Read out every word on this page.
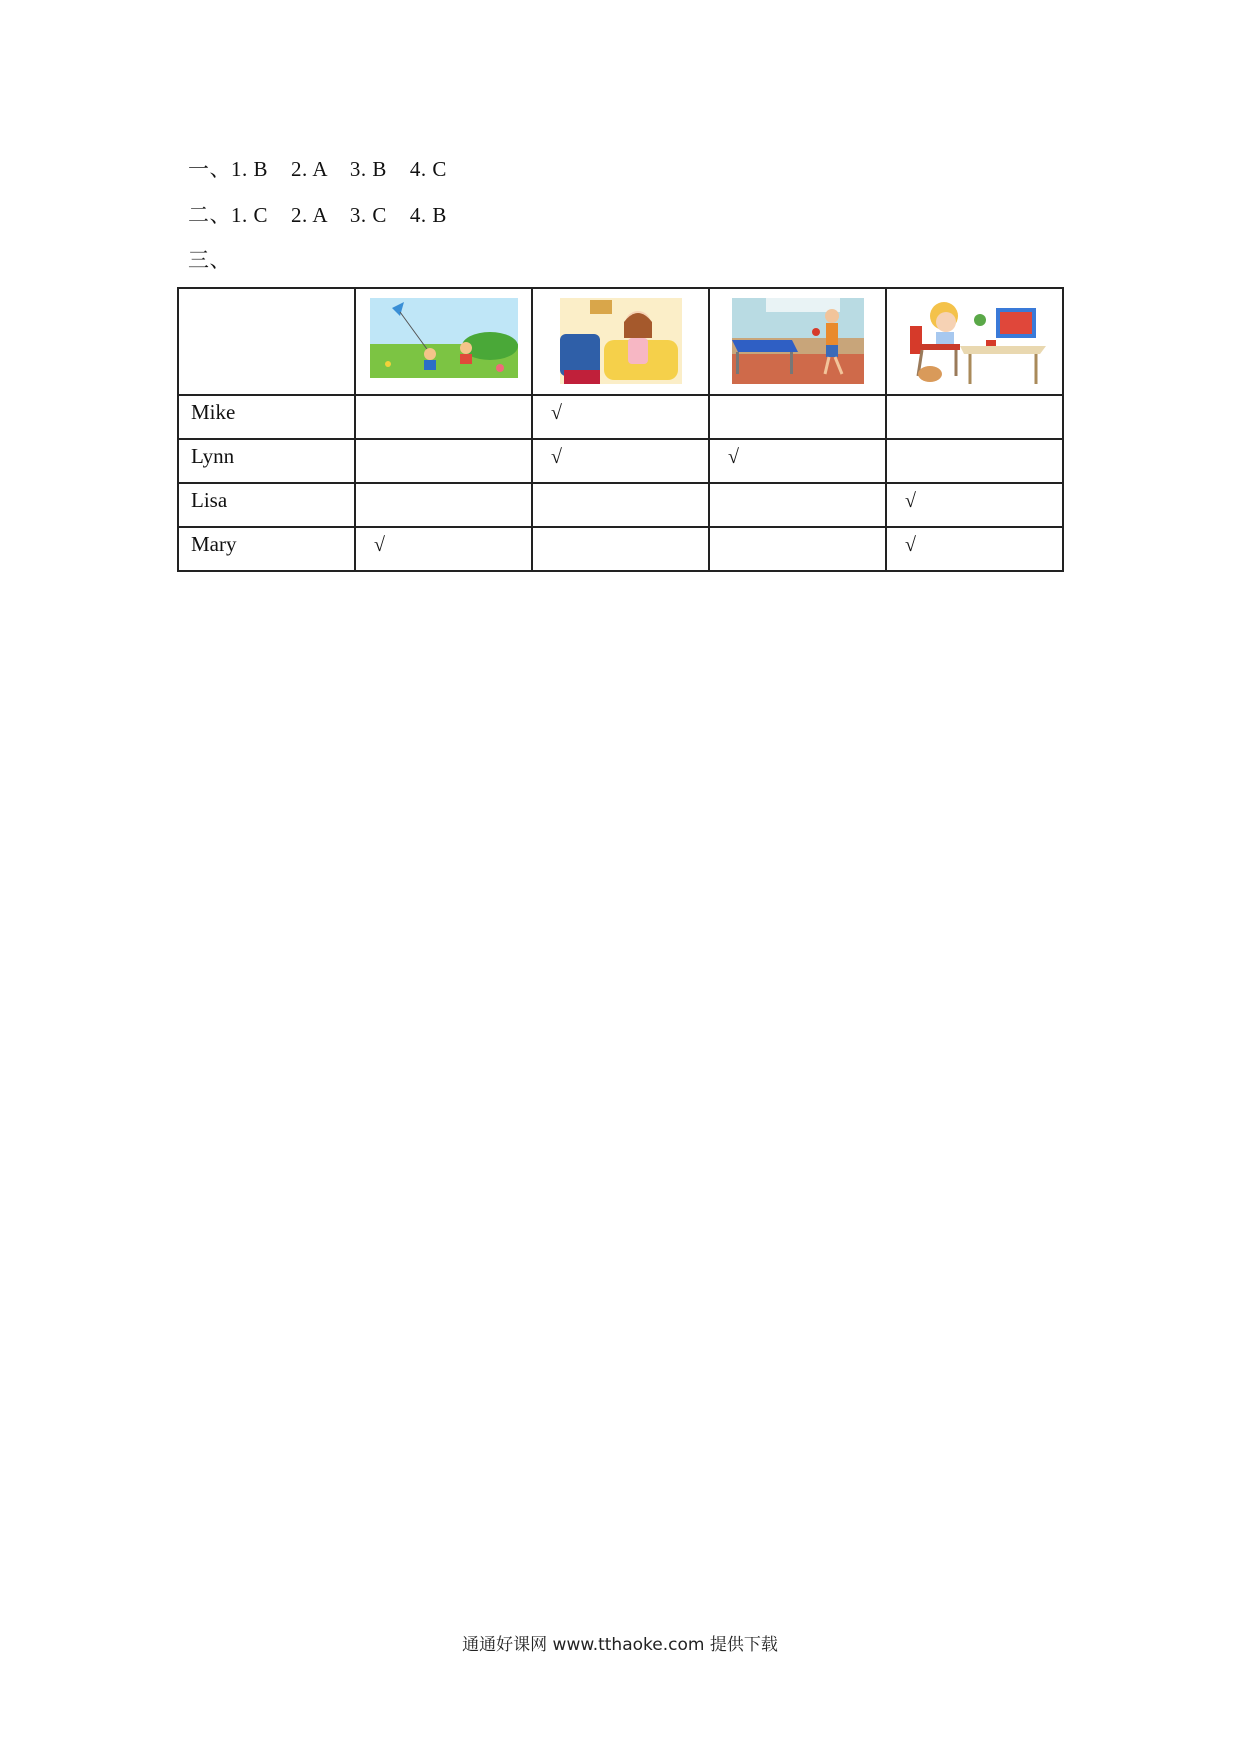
一、1. B    2. A    3. B    4. C
二、1. C    2. A    3. C    4. B
三、

Mike		√		
Lynn		√	√	
Lisa				√
Mary	√			√
通通好课网 www.tthaoke.com 提供下载
